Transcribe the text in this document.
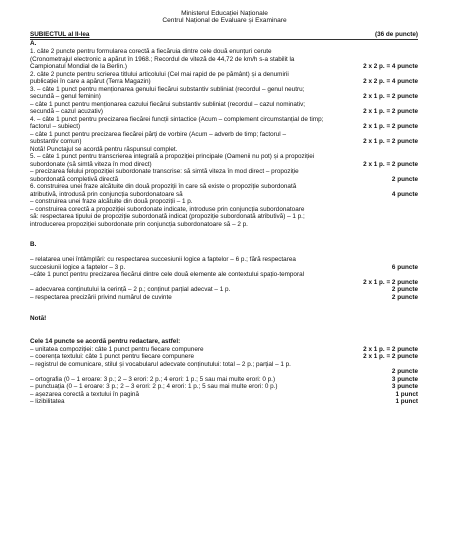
Ministerul Educației Naționale
Centrul Național de Evaluare și Examinare
SUBIECTUL al II-lea	(36 de puncte)
A.
1. câte 2 puncte pentru formularea corectă a fiecăruia dintre cele două enunțuri cerute
(Cronometrajul electronic a apărut în 1968.; Recordul de viteză de 44,72 de km/h s-a stabilit la
Campionatul Mondial de la Berlin.)	2 x 2 p. = 4 puncte
2. câte 2 puncte pentru scrierea titlului articolului (Cel mai rapid de pe pământ) și a denumirii
publicației în care a apărut (Terra Magazin)	2 x 2 p. = 4 puncte
3. – câte 1 punct pentru menționarea genului fiecărui substantiv subliniat (recordul – genul neutru;
secundă – genul feminin)	2 x 1 p. = 2 puncte
– câte 1 punct pentru menționarea cazului fiecărui substantiv subliniat (recordul – cazul nominativ;
secundă – cazul acuzativ)	2 x 1 p. = 2 puncte
4. – câte 1 punct pentru precizarea fiecărei funcții sintactice (Acum – complement circumstanțial de timp;
factorul – subiect)	2 x 1 p. = 2 puncte
– câte 1 punct pentru precizarea fiecărei părți de vorbire (Acum – adverb de timp; factorul –
substantiv comun)	2 x 1 p. = 2 puncte
Notă! Punctajul se acordă pentru răspunsul complet.
5. – câte 1 punct pentru transcrierea integrală a propoziției principale (Oamenii nu pot) și a propoziției
subordonate (să simtă viteza în mod direct)	2 x 1 p. = 2 puncte
– precizarea felului propoziției subordonate transcrise: să simtă viteza în mod direct – propoziție
subordonată completivă directă	2 puncte
6. construirea unei fraze alcătuite din două propoziții în care să existe o propoziție subordonată
atributivă, introdusă prin conjuncția subordonatoare să	4 puncte
– construirea unei fraze alcătuite din două propoziții – 1 p.
– construirea corectă a propoziției subordonate indicate, introduse prin conjuncția subordonatoare
să: respectarea tipului de propoziție subordonată indicat (propoziție subordonată atributivă) – 1 p.;
introducerea propoziției subordonate prin conjuncția subordonatoare să – 2 p.
B.
– relatarea unei întâmplări: cu respectarea succesiunii logice a faptelor – 6 p.; fără respectarea
succesiunii logice a faptelor – 3 p.	6 puncte
–câte 1 punct pentru precizarea fiecărui dintre cele două elemente ale contextului spațio-temporal
2 x 1 p. = 2 puncte
– adecvarea conținutului la cerință – 2 p.; conținut parțial adecvat – 1 p.	2 puncte
– respectarea precizării privind numărul de cuvinte	2 puncte
Notă!
Cele 14 puncte se acordă pentru redactare, astfel:
– unitatea compoziției: câte 1 punct pentru fiecare compunere	2 x 1 p. = 2 puncte
– coerența textului: câte 1 punct pentru fiecare compunere	2 x 1 p. = 2 puncte
– registrul de comunicare, stilul și vocabularul adecvate conținutului: total – 2 p.; parțial – 1 p.
2 puncte
– ortografia (0 – 1 eroare: 3 p.; 2 – 3 erori: 2 p.; 4 erori: 1 p.; 5 sau mai multe erori: 0 p.)	3 puncte
– punctuația (0 – 1 eroare: 3 p.; 2 – 3 erori: 2 p.; 4 erori: 1 p.; 5 sau mai multe erori: 0 p.)	3 puncte
– așezarea corectă a textului în pagină	1 punct
– lizibilitatea	1 punct
